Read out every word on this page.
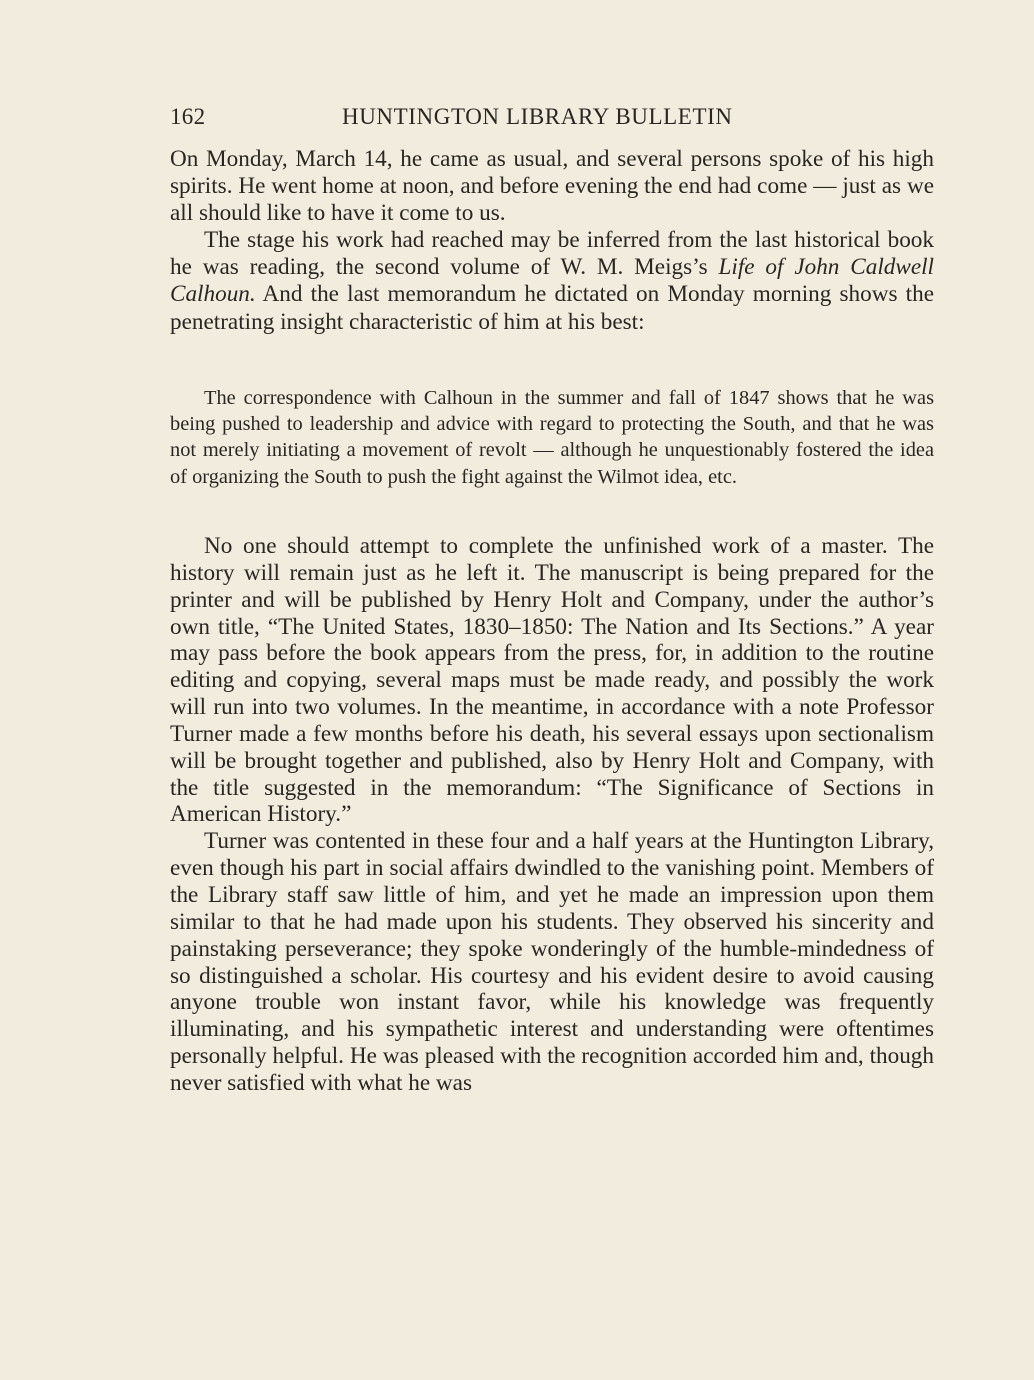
162	HUNTINGTON LIBRARY BULLETIN

On Monday, March 14, he came as usual, and several persons spoke of his high spirits. He went home at noon, and before evening the end had come — just as we all should like to have it come to us.

The stage his work had reached may be inferred from the last historical book he was reading, the second volume of W. M. Meigs’s Life of John Caldwell Calhoun. And the last memorandum he dictated on Monday morning shows the penetrating insight characteristic of him at his best:

The correspondence with Calhoun in the summer and fall of 1847 shows that he was being pushed to leadership and advice with regard to protecting the South, and that he was not merely initiating a movement of revolt — although he unquestionably fostered the idea of organizing the South to push the fight against the Wilmot idea, etc.

No one should attempt to complete the unfinished work of a master. The history will remain just as he left it. The manuscript is being prepared for the printer and will be published by Henry Holt and Company, under the author’s own title, “The United States, 1830–1850: The Nation and Its Sections.” A year may pass before the book appears from the press, for, in addition to the routine editing and copying, several maps must be made ready, and possibly the work will run into two volumes. In the meantime, in accordance with a note Professor Turner made a few months before his death, his several essays upon sectionalism will be brought together and published, also by Henry Holt and Company, with the title suggested in the memorandum: “The Significance of Sections in American History.”

Turner was contented in these four and a half years at the Huntington Library, even though his part in social affairs dwindled to the vanishing point. Members of the Library staff saw little of him, and yet he made an impression upon them similar to that he had made upon his students. They observed his sincerity and painstaking perseverance; they spoke wonderingly of the humble-mindedness of so distinguished a scholar. His courtesy and his evident desire to avoid causing anyone trouble won instant favor, while his knowledge was frequently illuminating, and his sympathetic interest and understanding were oftentimes personally helpful. He was pleased with the recognition accorded him and, though never satisfied with what he was
